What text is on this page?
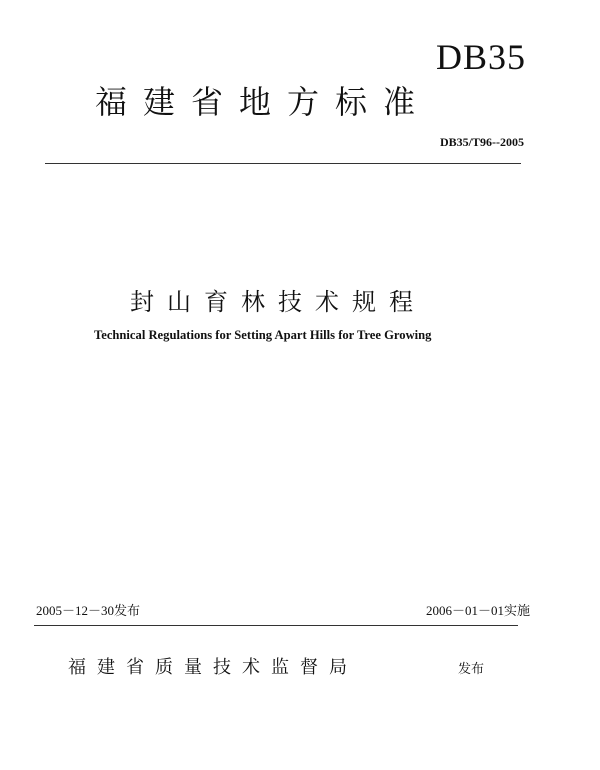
DB35
福建省地方标准
DB35/T96--2005
封山育林技术规程
Technical Regulations for Setting Apart Hills for Tree Growing
2005－12－30发布	2006－01－01实施
福建省质量技术监督局	发布
